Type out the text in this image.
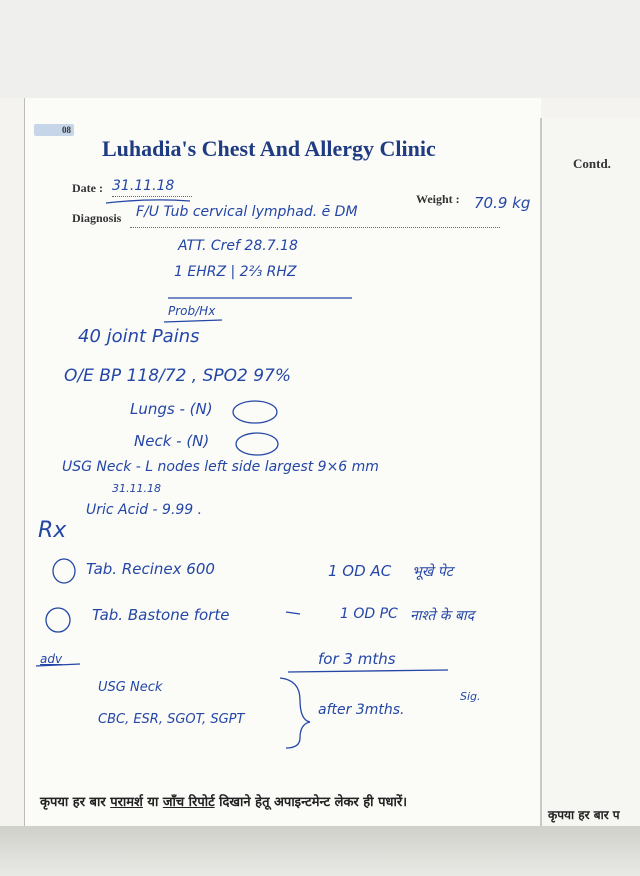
08
Luhadia's Chest And Allergy Clinic
Contd.
Date :
Weight :
Diagnosis
31.11.18
70.9 kg
F/U Tub cervical lymphad. ē DM
ATT. Cref 28.7.18
1 EHRZ | 2⅔ RHZ
Prob/Hx
40 joint Pains
O/E BP 118/72 , SPO2 97%
Lungs - (N)
Neck - (N)
USG Neck - L nodes left side largest 9×6 mm
31.11.18
Uric Acid - 9.99 .
Rx
Tab. Recinex 600	1 OD AC भूखे पेट
Tab. Bastone forte	1 OD PC नाश्ते के बाद
adv	for 3 mths
USG Neck
CBC, ESR, SGOT, SGPT
after 3mths.
Sig.
कृपया हर बार परामर्श या जाँच रिपोर्ट दिखाने हेतू अपाइन्टमेन्ट लेकर ही पधारें।
कृपया हर बार प
